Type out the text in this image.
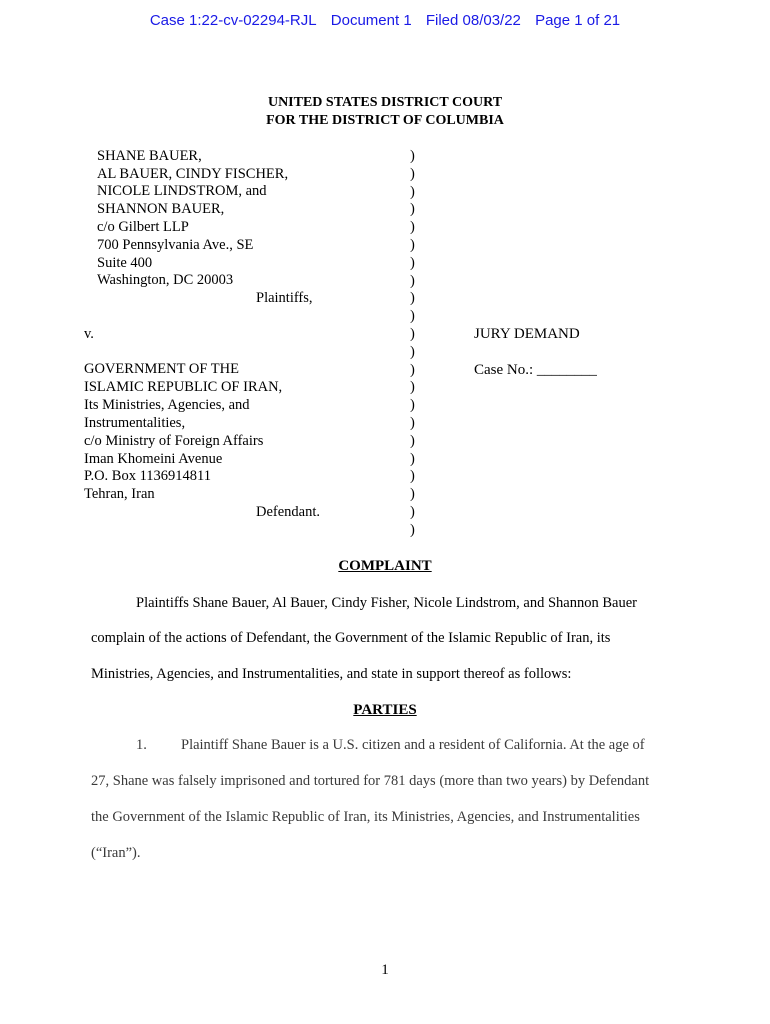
Case 1:22-cv-02294-RJL Document 1 Filed 08/03/22 Page 1 of 21
UNITED STATES DISTRICT COURT
FOR THE DISTRICT OF COLUMBIA
SHANE BAUER,
AL BAUER, CINDY FISCHER,
NICOLE LINDSTROM, and
SHANNON BAUER,
c/o Gilbert LLP
700 Pennsylvania Ave., SE
Suite 400
Washington, DC 20003
Plaintiffs,
v.
GOVERNMENT OF THE
ISLAMIC REPUBLIC OF IRAN,
Its Ministries, Agencies, and
Instrumentalities,
c/o Ministry of Foreign Affairs
Iman Khomeini Avenue
P.O. Box 1136914811
Tehran, Iran
Defendant.
)
)
)
)
)
)
)
)
)
)
)
)
)
)
)
)
)
)
)
)
)
)
JURY DEMAND
Case No.: ________
COMPLAINT
Plaintiffs Shane Bauer, Al Bauer, Cindy Fisher, Nicole Lindstrom, and Shannon Bauer
complain of the actions of Defendant, the Government of the Islamic Republic of Iran, its
Ministries, Agencies, and Instrumentalities, and state in support thereof as follows:
PARTIES
1. Plaintiff Shane Bauer is a U.S. citizen and a resident of California. At the age of
27, Shane was falsely imprisoned and tortured for 781 days (more than two years) by Defendant
the Government of the Islamic Republic of Iran, its Ministries, Agencies, and Instrumentalities
(“Iran”).
1
